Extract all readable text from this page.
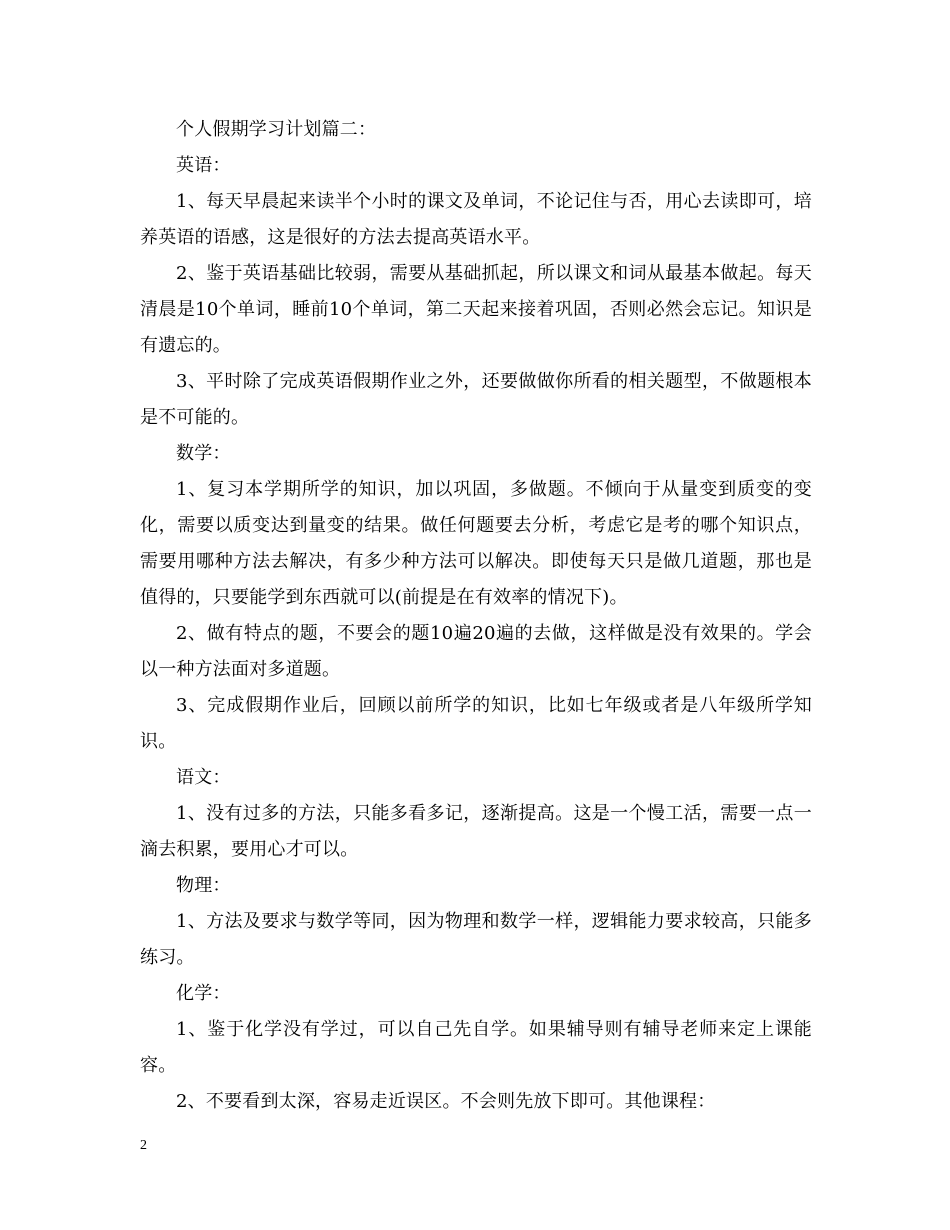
个人假期学习计划篇二：

英语：

1、每天早晨起来读半个小时的课文及单词，不论记住与否，用心去读即可，培养英语的语感，这是很好的方法去提高英语水平。

2、鉴于英语基础比较弱，需要从基础抓起，所以课文和词从最基本做起。每天清晨是10个单词，睡前10个单词，第二天起来接着巩固，否则必然会忘记。知识是有遗忘的。

3、平时除了完成英语假期作业之外，还要做做你所看的相关题型，不做题根本是不可能的。

数学：

1、复习本学期所学的知识，加以巩固，多做题。不倾向于从量变到质变的变化，需要以质变达到量变的结果。做任何题要去分析，考虑它是考的哪个知识点，需要用哪种方法去解决，有多少种方法可以解决。即使每天只是做几道题，那也是值得的，只要能学到东西就可以(前提是在有效率的情况下)。

2、做有特点的题，不要会的题10遍20遍的去做，这样做是没有效果的。学会以一种方法面对多道题。

3、完成假期作业后，回顾以前所学的知识，比如七年级或者是八年级所学知识。

语文：

1、没有过多的方法，只能多看多记，逐渐提高。这是一个慢工活，需要一点一滴去积累，要用心才可以。

物理：

1、方法及要求与数学等同，因为物理和数学一样，逻辑能力要求较高，只能多练习。

化学：

1、鉴于化学没有学过，可以自己先自学。如果辅导则有辅导老师来定上课能容。

2、不要看到太深，容易走近误区。不会则先放下即可。其他课程：

2
